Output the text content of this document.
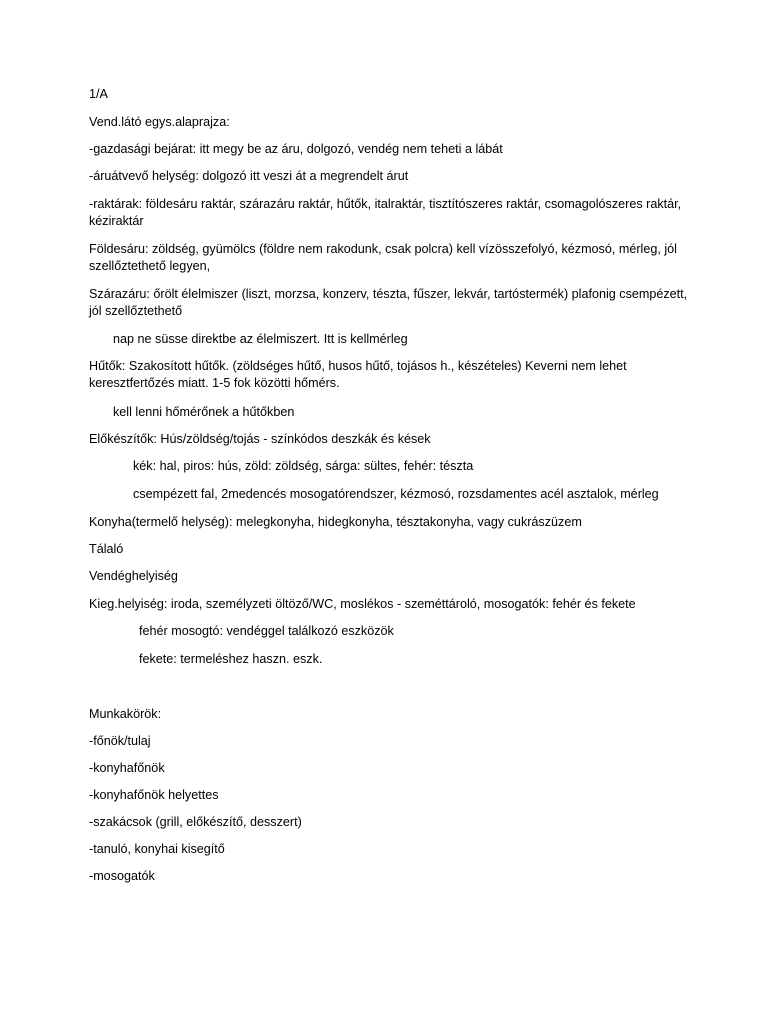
1/A
Vend.látó egys.alaprajza:
-gazdasági bejárat: itt megy be az áru, dolgozó, vendég nem teheti a lábát
-áruátvevő helység: dolgozó itt veszi át a megrendelt árut
-raktárak: földesáru raktár, szárazáru raktár, hűtők, italraktár, tisztítószeres raktár, csomagolószeres raktár, kéziraktár
Földesáru: zöldség, gyümölcs (földre nem rakodunk, csak polcra) kell vízösszefolyó, kézmosó, mérleg, jól szellőztethető legyen,
Szárazáru: őrölt élelmiszer (liszt, morzsa, konzerv, tészta, fűszer, lekvár, tartóstermék) plafonig csempézett, jól szellőztethető
nap ne süsse direktbe az élelmiszert. Itt is kellmérleg
Hűtők: Szakosított hűtők. (zöldséges hűtő, husos hűtő, tojásos h., készételes) Keverni nem lehet keresztfertőzés miatt. 1-5 fok közötti hőmérs.
kell lenni hőmérőnek a hűtőkben
Előkészítők: Hús/zöldség/tojás - színkódos deszkák és kések
kék: hal, piros: hús, zöld: zöldség, sárga: sültes, fehér: tészta
csempézett fal, 2medencés mosogatórendszer, kézmosó, rozsdamentes acél asztalok, mérleg
Konyha(termelő helység): melegkonyha, hidegkonyha, tésztakonyha, vagy cukrászüzem
Tálaló
Vendéghelyiség
Kieg.helyiség: iroda, személyzeti öltöző/WC, moslékos - szeméttároló, mosogatók: fehér és fekete
fehér mosogtó: vendéggel találkozó eszközök
fekete: termeléshez haszn. eszk.
Munkakörök:
-főnök/tulaj
-konyhafőnök
-konyhafőnök helyettes
-szakácsok (grill, előkészítő, desszert)
-tanuló, konyhai kisegítő
-mosogatók
